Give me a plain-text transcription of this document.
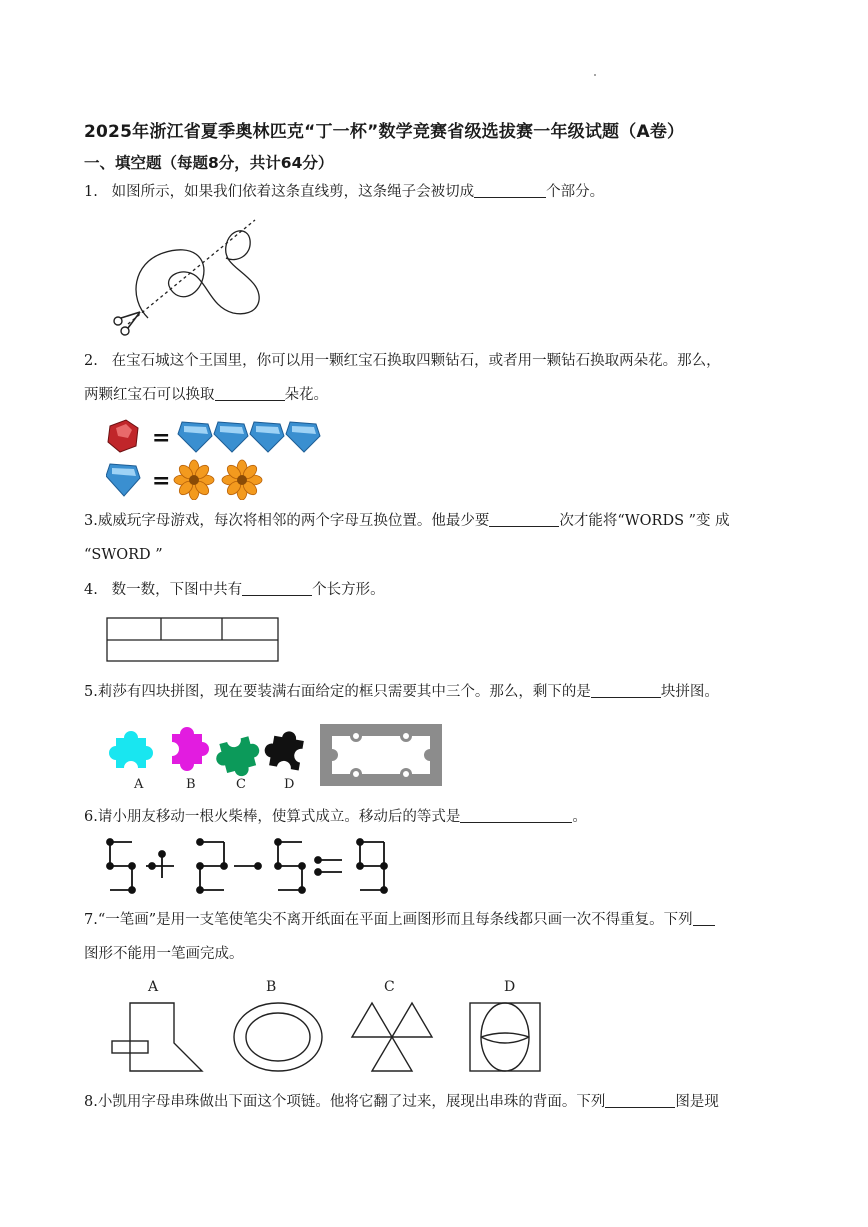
2025年浙江省夏季奥林匹克“丁一杯”数学竞赛省级选拔赛一年级试题（A卷）
一、填空题（每题8分，共计64分）
1. 如图所示，如果我们依着这条直线剪，这条绳子会被切成	个部分。
2. 在宝石城这个王国里，你可以用一颗红宝石换取四颗钻石，或者用一颗钻石换取两朵花。那么，
两颗红宝石可以换取	朵花。
=
=
3.威威玩字母游戏，每次将相邻的两个字母互换位置。他最少要	次才能将“WORDS ”变 成
“SWORD ”
4. 数一数，下图中共有	个长方形。
5.莉莎有四块拼图，现在要装满右面给定的框只需要其中三个。那么，剩下的是	块拼图。
A	B	C	D
6.请小朋友移动一根火柴棒，使算式成立。移动后的等式是	。
7.“一笔画”是用一支笔使笔尖不离开纸面在平面上画图形而且每条线都只画一次不得重复。下列
图形不能用一笔画完成。
A	B	C	D
8.小凯用字母串珠做出下面这个项链。他将它翻了过来，展现出串珠的背面。下列	图是现
